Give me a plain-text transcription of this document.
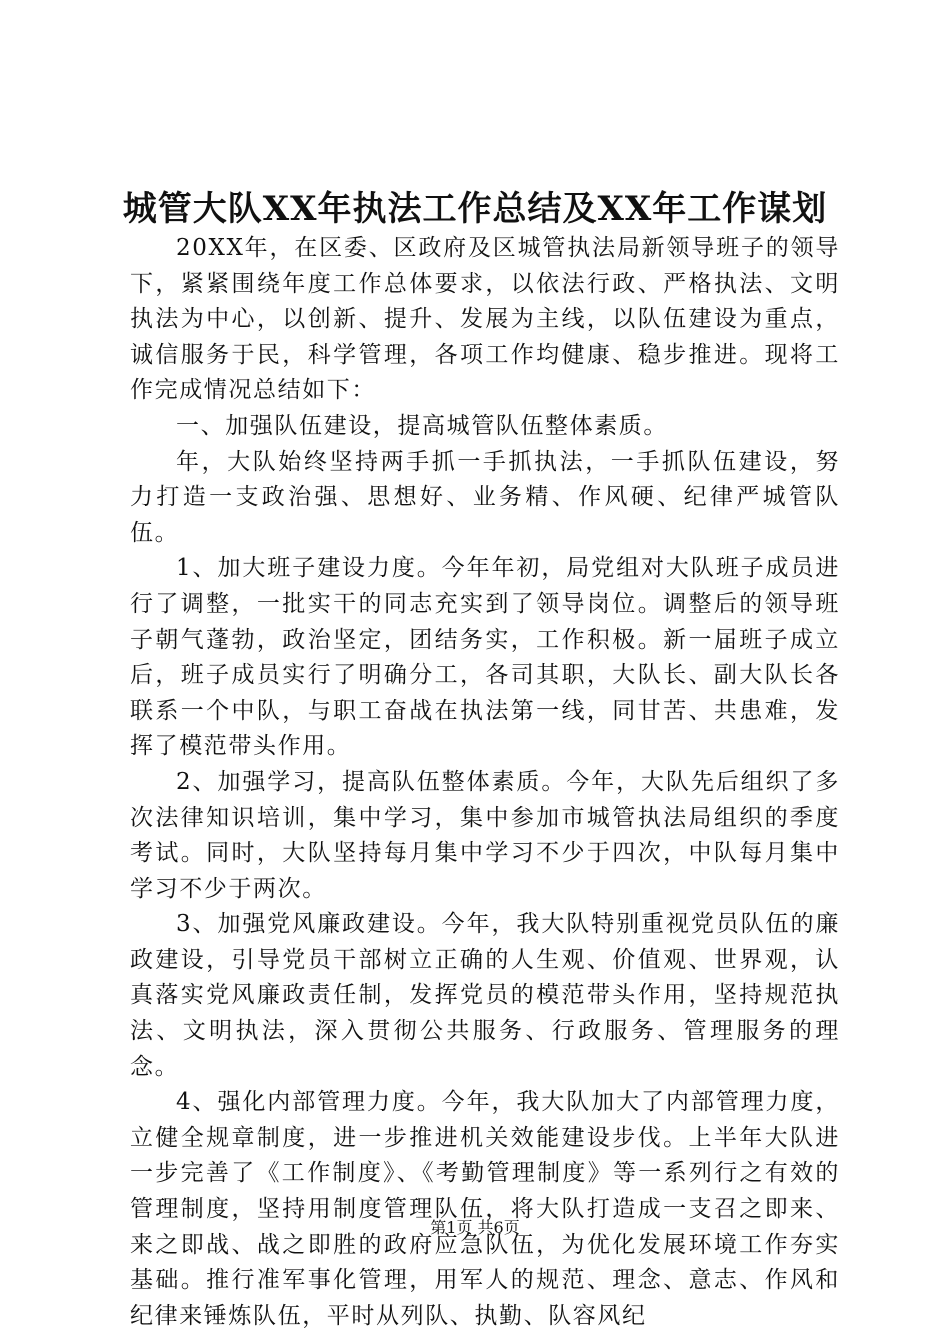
城管大队XX年执法工作总结及XX年工作谋划

20XX年，在区委、区政府及区城管执法局新领导班子的领导下，紧紧围绕年度工作总体要求，以依法行政、严格执法、文明执法为中心，以创新、提升、发展为主线，以队伍建设为重点，诚信服务于民，科学管理，各项工作均健康、稳步推进。现将工作完成情况总结如下：

一、加强队伍建设，提高城管队伍整体素质。

年，大队始终坚持两手抓一手抓执法，一手抓队伍建设，努力打造一支政治强、思想好、业务精、作风硬、纪律严城管队伍。

1、加大班子建设力度。今年年初，局党组对大队班子成员进行了调整，一批实干的同志充实到了领导岗位。调整后的领导班子朝气蓬勃，政治坚定，团结务实，工作积极。新一届班子成立后，班子成员实行了明确分工，各司其职，大队长、副大队长各联系一个中队，与职工奋战在执法第一线，同甘苦、共患难，发挥了模范带头作用。

2、加强学习，提高队伍整体素质。今年，大队先后组织了多次法律知识培训，集中学习，集中参加市城管执法局组织的季度考试。同时，大队坚持每月集中学习不少于四次，中队每月集中学习不少于两次。

3、加强党风廉政建设。今年，我大队特别重视党员队伍的廉政建设，引导党员干部树立正确的人生观、价值观、世界观，认真落实党风廉政责任制，发挥党员的模范带头作用，坚持规范执法、文明执法，深入贯彻公共服务、行政服务、管理服务的理念。

4、强化内部管理力度。今年，我大队加大了内部管理力度，立健全规章制度，进一步推进机关效能建设步伐。上半年大队进一步完善了《工作制度》、《考勤管理制度》等一系列行之有效的管理制度，坚持用制度管理队伍，将大队打造成一支召之即来、来之即战、战之即胜的政府应急队伍，为优化发展环境工作夯实基础。推行准军事化管理，用军人的规范、理念、意志、作风和纪律来锤炼队伍，平时从列队、执勤、队容风纪

第1页 共6页
